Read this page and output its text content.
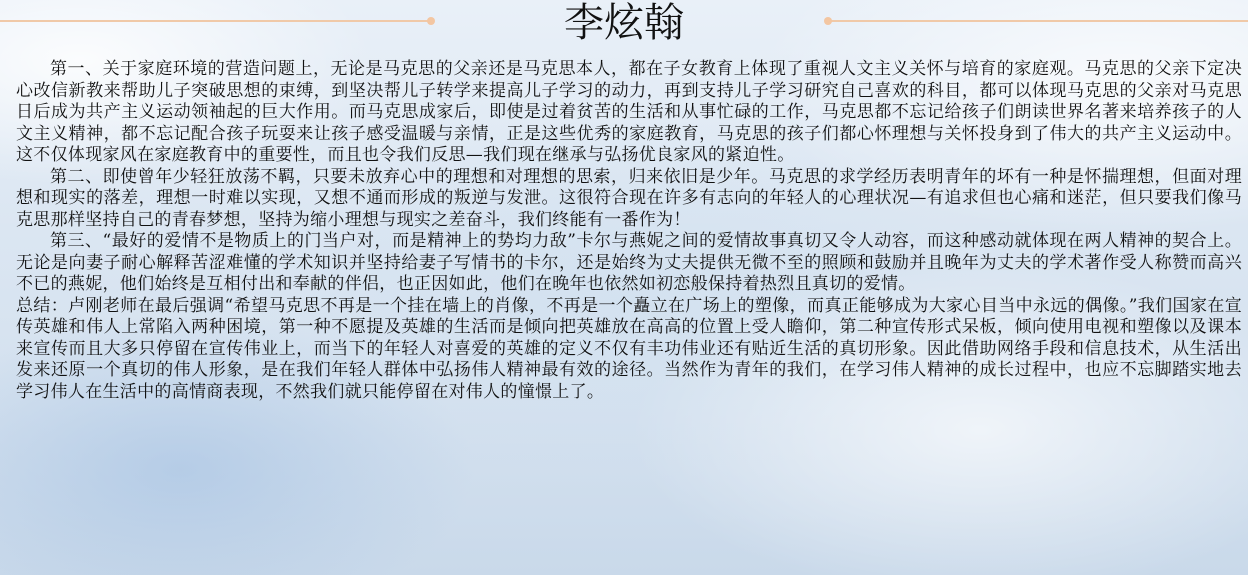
李炫翰

第一、关于家庭环境的营造问题上，无论是马克思的父亲还是马克思本人，都在子女教育上体现了重视人文主义关怀与培育的家庭观。马克思的父亲下定决心改信新教来帮助儿子突破思想的束缚，到坚决帮儿子转学来提高儿子学习的动力，再到支持儿子学习研究自己喜欢的科目，都可以体现马克思的父亲对马克思日后成为共产主义运动领袖起的巨大作用。而马克思成家后，即使是过着贫苦的生活和从事忙碌的工作，马克思都不忘记给孩子们朗读世界名著来培养孩子的人文主义精神，都不忘记配合孩子玩耍来让孩子感受温暖与亲情，正是这些优秀的家庭教育，马克思的孩子们都心怀理想与关怀投身到了伟大的共产主义运动中。这不仅体现家风在家庭教育中的重要性，而且也令我们反思—我们现在继承与弘扬优良家风的紧迫性。

第二、即使曾年少轻狂放荡不羁，只要未放弃心中的理想和对理想的思索，归来依旧是少年。马克思的求学经历表明青年的坏有一种是怀揣理想，但面对理想和现实的落差，理想一时难以实现，又想不通而形成的叛逆与发泄。这很符合现在许多有志向的年轻人的心理状况—有追求但也心痛和迷茫，但只要我们像马克思那样坚持自己的青春梦想，坚持为缩小理想与现实之差奋斗，我们终能有一番作为！

第三、“最好的爱情不是物质上的门当户对，而是精神上的势均力敌”卡尔与燕妮之间的爱情故事真切又令人动容，而这种感动就体现在两人精神的契合上。无论是向妻子耐心解释苦涩难懂的学术知识并坚持给妻子写情书的卡尔，还是始终为丈夫提供无微不至的照顾和鼓励并且晚年为丈夫的学术著作受人称赞而高兴不已的燕妮，他们始终是互相付出和奉献的伴侣，也正因如此，他们在晚年也依然如初恋般保持着热烈且真切的爱情。

总结：卢刚老师在最后强调“希望马克思不再是一个挂在墙上的肖像，不再是一个矗立在广场上的塑像，而真正能够成为大家心目当中永远的偶像。”我们国家在宣传英雄和伟人上常陷入两种困境，第一种不愿提及英雄的生活而是倾向把英雄放在高高的位置上受人瞻仰，第二种宣传形式呆板，倾向使用电视和塑像以及课本来宣传而且大多只停留在宣传伟业上，而当下的年轻人对喜爱的英雄的定义不仅有丰功伟业还有贴近生活的真切形象。因此借助网络手段和信息技术，从生活出发来还原一个真切的伟人形象，是在我们年轻人群体中弘扬伟人精神最有效的途径。当然作为青年的我们，在学习伟人精神的成长过程中，也应不忘脚踏实地去学习伟人在生活中的高情商表现，不然我们就只能停留在对伟人的憧憬上了。
